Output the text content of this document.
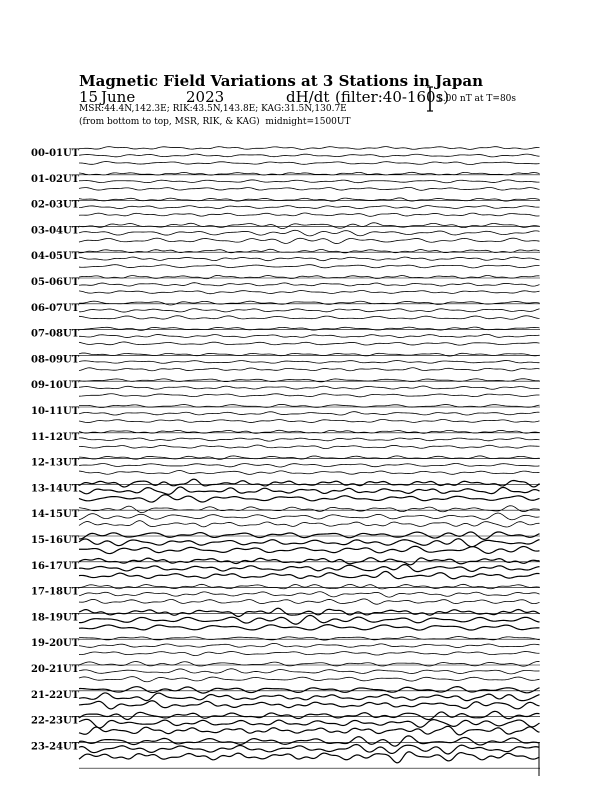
Magnetic Field Variations at 3 Stations in Japan
15 June	2023	dH/dt (filter:40-160s)
MSR:44.4N,142.3E; RIK:43.5N,143.8E; KAG:31.5N,130.7E
(from bottom to top, MSR, RIK, & KAG) midnight=1500UT
1.00 nT at T=80s
00-01UT
01-02UT
02-03UT
03-04UT
04-05UT
05-06UT
06-07UT
07-08UT
08-09UT
09-10UT
10-11UT
11-12UT
12-13UT
13-14UT
14-15UT
15-16UT
16-17UT
17-18UT
18-19UT
19-20UT
20-21UT
21-22UT
22-23UT
23-24UT
